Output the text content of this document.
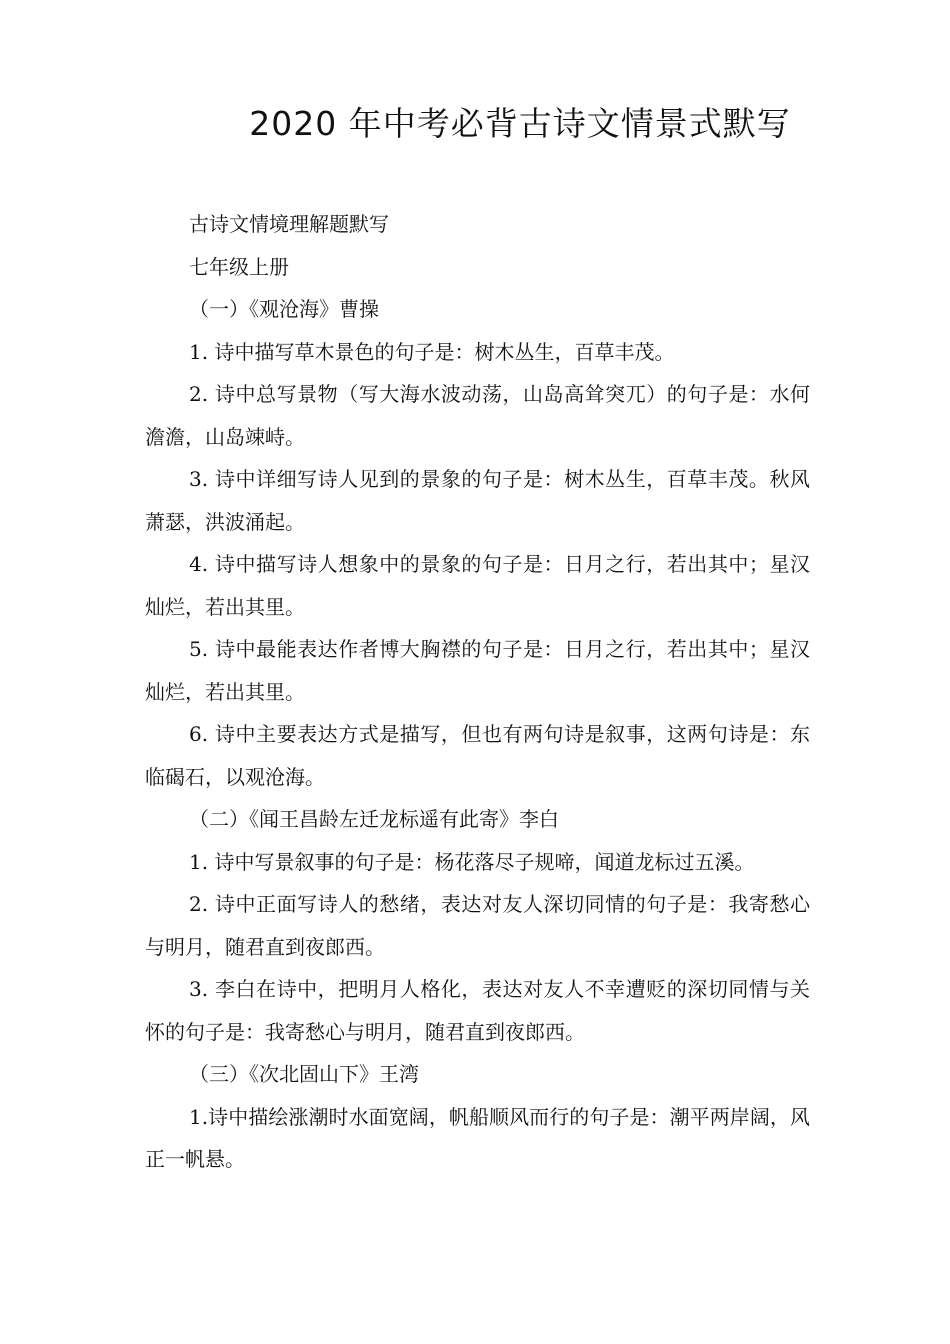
2020 年中考必背古诗文情景式默写

古诗文情境理解题默写

七年级上册

（一）《观沧海》曹操

1. 诗中描写草木景色的句子是：树木丛生，百草丰茂。

2. 诗中总写景物（写大海水波动荡，山岛高耸突兀）的句子是：水何澹澹，山岛竦峙。

3. 诗中详细写诗人见到的景象的句子是：树木丛生，百草丰茂。秋风萧瑟，洪波涌起。

4. 诗中描写诗人想象中的景象的句子是：日月之行，若出其中；星汉灿烂，若出其里。

5. 诗中最能表达作者博大胸襟的句子是：日月之行，若出其中；星汉灿烂，若出其里。

6. 诗中主要表达方式是描写，但也有两句诗是叙事，这两句诗是：东临碣石，以观沧海。

（二）《闻王昌龄左迁龙标遥有此寄》李白

1. 诗中写景叙事的句子是：杨花落尽子规啼，闻道龙标过五溪。

2. 诗中正面写诗人的愁绪，表达对友人深切同情的句子是：我寄愁心与明月，随君直到夜郎西。

3. 李白在诗中，把明月人格化，表达对友人不幸遭贬的深切同情与关怀的句子是：我寄愁心与明月，随君直到夜郎西。

（三）《次北固山下》王湾

1.诗中描绘涨潮时水面宽阔，帆船顺风而行的句子是：潮平两岸阔，风正一帆悬。
